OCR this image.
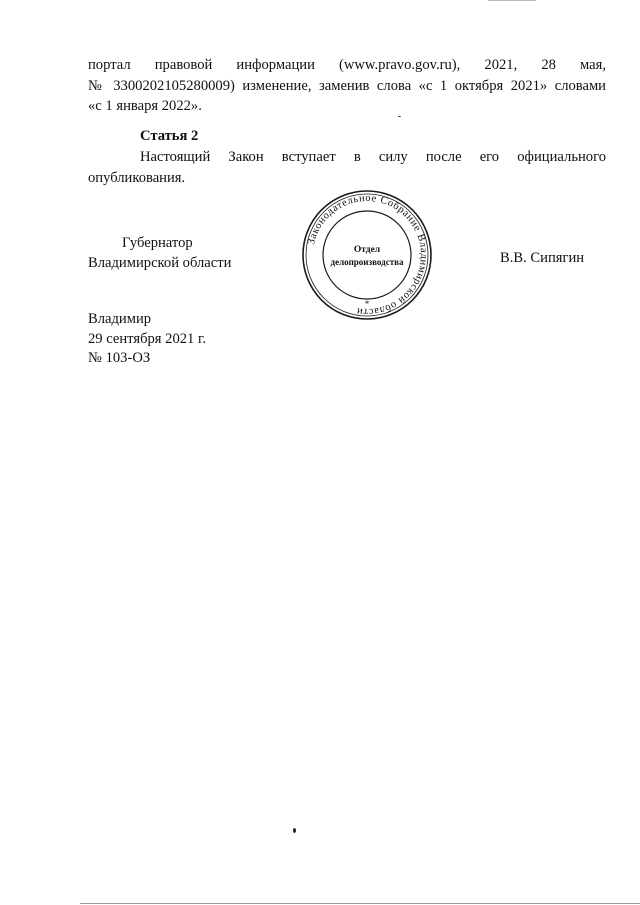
портал правовой информации (www.pravo.gov.ru), 2021, 28 мая,
№ 3300202105280009) изменение, заменив слова «с 1 октября 2021» словами
«с 1 января 2022».
Статья 2
Настоящий Закон вступает в силу после его официального
опубликования.
Губернатор
Владимирской области
Законодательное Собрание Владимирской области
Отдел
делопроизводства
*
В.В. Сипягин
Владимир
29 сентября 2021 г.
№ 103-ОЗ
